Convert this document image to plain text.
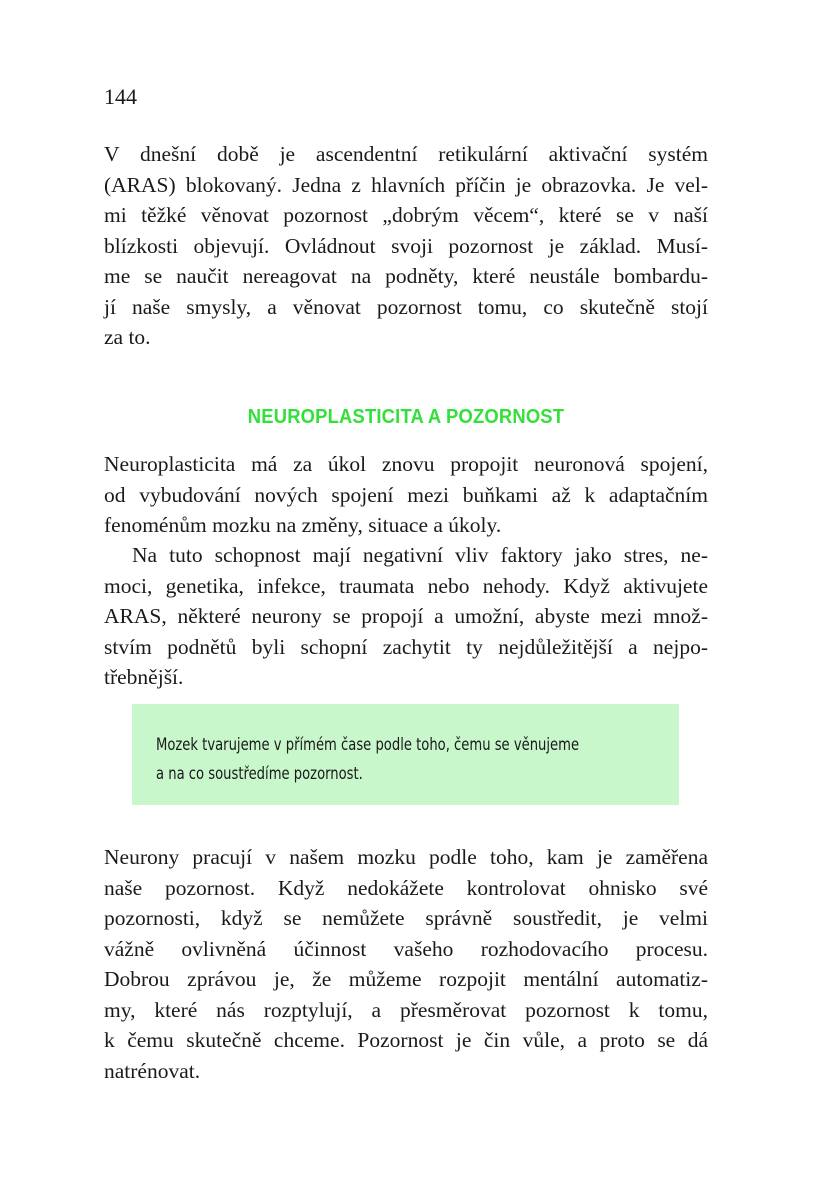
144

V dnešní době je ascendentní retikulární aktivační systém
(ARAS) blokovaný. Jedna z hlavních příčin je obrazovka. Je vel-
mi těžké věnovat pozornost „dobrým věcem“, které se v naší
blízkosti objevují. Ovládnout svoji pozornost je základ. Musí-
me se naučit nereagovat na podněty, které neustále bombardu-
jí naše smysly, a věnovat pozornost tomu, co skutečně stojí
za to.

NEUROPLASTICITA A POZORNOST

Neuroplasticita má za úkol znovu propojit neuronová spojení,
od vybudování nových spojení mezi buňkami až k adaptačním
fenoménům mozku na změny, situace a úkoly.

Na tuto schopnost mají negativní vliv faktory jako stres, ne-
moci, genetika, infekce, traumata nebo nehody. Když aktivujete
ARAS, některé neurony se propojí a umožní, abyste mezi množ-
stvím podnětů byli schopní zachytit ty nejdůležitější a nejpo-
třebnější.

Mozek tvarujeme v přímém čase podle toho, čemu se věnujeme
a na co soustředíme pozornost.

Neurony pracují v našem mozku podle toho, kam je zaměřena
naše pozornost. Když nedokážete kontrolovat ohnisko své
pozornosti, když se nemůžete správně soustředit, je velmi
vážně ovlivněná účinnost vašeho rozhodovacího procesu.
Dobrou zprávou je, že můžeme rozpojit mentální automatiz-
my, které nás rozptylují, a přesměrovat pozornost k tomu,
k čemu skutečně chceme. Pozornost je čin vůle, a proto se dá
natrénovat.
